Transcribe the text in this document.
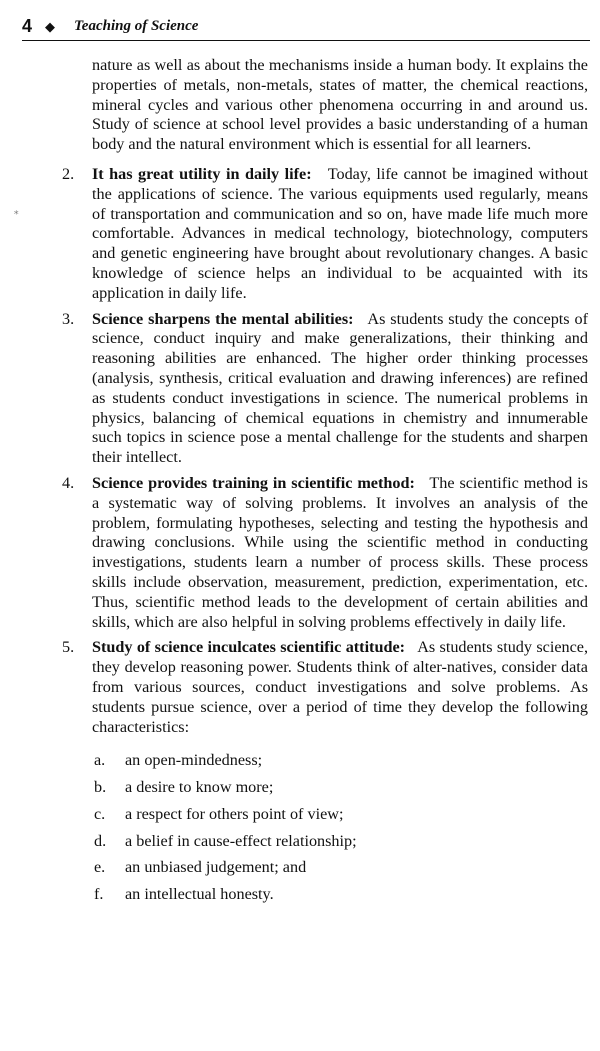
4 ◆ Teaching of Science
⁎

nature as well as about the mechanisms inside a human body. It explains the properties of metals, non-metals, states of matter, the chemical reactions, mineral cycles and various other phenomena occurring in and around us. Study of science at school level provides a basic understanding of a human body and the natural environment which is essential for all learners.

2. It has great utility in daily life: Today, life cannot be imagined without the applications of science. The various equipments used regularly, means of transportation and communication and so on, have made life much more comfortable. Advances in medical technology, biotechnology, computers and genetic engineering have brought about revolutionary changes. A basic knowledge of science helps an individual to be acquainted with its application in daily life.
3. Science sharpens the mental abilities: As students study the concepts of science, conduct inquiry and make generalizations, their thinking and reasoning abilities are enhanced. The higher order thinking processes (analysis, synthesis, critical evaluation and drawing inferences) are refined as students conduct investigations in science. The numerical problems in physics, balancing of chemical equations in chemistry and innumerable such topics in science pose a mental challenge for the students and sharpen their intellect.
4. Science provides training in scientific method: The scientific method is a systematic way of solving problems. It involves an analysis of the problem, formulating hypotheses, selecting and testing the hypothesis and drawing conclusions. While using the scientific method in conducting investigations, students learn a number of process skills. These process skills include observation, measurement, prediction, experimentation, etc. Thus, scientific method leads to the development of certain abilities and skills, which are also helpful in solving problems effectively in daily life.
5. Study of science inculcates scientific attitude: As students study science, they develop reasoning power. Students think of alter-natives, consider data from various sources, conduct investigations and solve problems. As students pursue science, over a period of time they develop the following characteristics:
a. an open-mindedness;
b. a desire to know more;
c. a respect for others point of view;
d. a belief in cause-effect relationship;
e. an unbiased judgement; and
f. an intellectual honesty.
